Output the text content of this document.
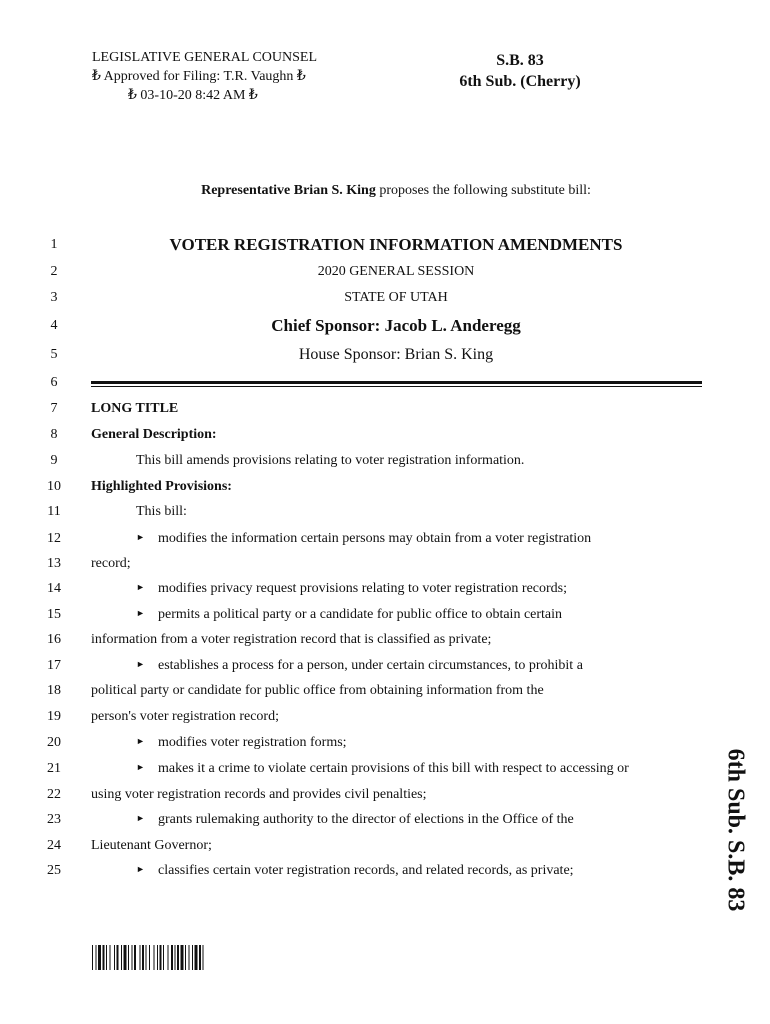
LEGISLATIVE GENERAL COUNSEL
₺ Approved for Filing: T.R. Vaughn ₺
₺ 03-10-20 8:42 AM ₺
S.B. 83
6th Sub. (Cherry)
Representative Brian S. King proposes the following substitute bill:
1	VOTER REGISTRATION INFORMATION AMENDMENTS
2	2020 GENERAL SESSION
3	STATE OF UTAH
4	Chief Sponsor: Jacob L. Anderegg
5	House Sponsor: Brian S. King
6
7	LONG TITLE
8	General Description:
9	This bill amends provisions relating to voter registration information.
10	Highlighted Provisions:
11	This bill:
12	► modifies the information certain persons may obtain from a voter registration
13	record;
14	► modifies privacy request provisions relating to voter registration records;
15	► permits a political party or a candidate for public office to obtain certain
16	information from a voter registration record that is classified as private;
17	► establishes a process for a person, under certain circumstances, to prohibit a
18	political party or candidate for public office from obtaining information from the
19	person's voter registration record;
20	► modifies voter registration forms;
21	► makes it a crime to violate certain provisions of this bill with respect to accessing or
22	using voter registration records and provides civil penalties;
23	► grants rulemaking authority to the director of elections in the Office of the
24	Lieutenant Governor;
25	► classifies certain voter registration records, and related records, as private;	6th Sub. S.B. 83
